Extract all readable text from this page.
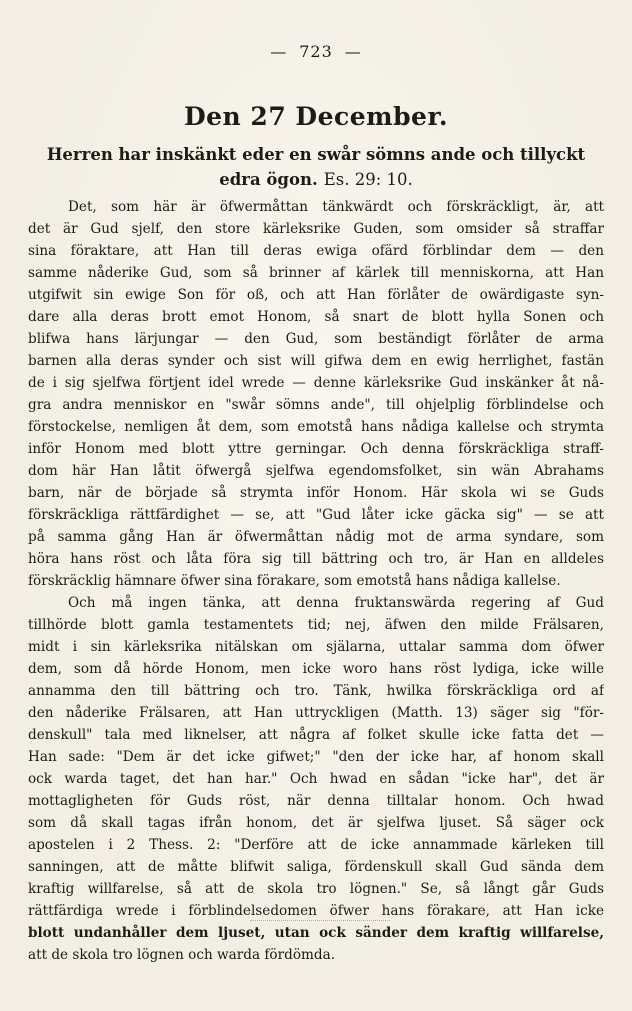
— 723 —
Den 27 December.
Herren har inskänkt eder en swår sömns ande och tillyckt edra ögon. Es. 29: 10.
Det, som här är öfwermåttan tänkwärdt och förskräckligt, är, att
det är Gud sjelf, den store kärleksrike Guden, som omsider så straffar
sina föraktare, att Han till deras ewiga ofärd förblindar dem — den
samme nåderike Gud, som så brinner af kärlek till menniskorna, att Han
utgifwit sin ewige Son för oß, och att Han förlåter de owärdigaste syn-
dare alla deras brott emot Honom, så snart de blott hylla Sonen och
blifwa hans lärjungar — den Gud, som beständigt förlåter de arma
barnen alla deras synder och sist will gifwa dem en ewig herrlighet, fastän
de i sig sjelfwa förtjent idel wrede — denne kärleksrike Gud inskänker åt nå-
gra andra menniskor en "swår sömns ande", till ohjelplig förblindelse och
förstockelse, nemligen åt dem, som emotstå hans nådiga kallelse och strymta
inför Honom med blott yttre gerningar. Och denna förskräckliga straff-
dom här Han låtit öfwergå sjelfwa egendomsfolket, sin wän Abrahams
barn, när de började så strymta inför Honom. Här skola wi se Guds
förskräckliga rättfärdighet — se, att "Gud låter icke gäcka sig" — se att
på samma gång Han är öfwermåttan nådig mot de arma syndare, som
höra hans röst och låta föra sig till bättring och tro, är Han en alldeles
förskräcklig hämnare öfwer sina förakare, som emotstå hans nådiga kallelse.
Och må ingen tänka, att denna fruktanswärda regering af Gud
tillhörde blott gamla testamentets tid; nej, äfwen den milde Frälsaren,
midt i sin kärleksrika nitälskan om själarna, uttalar samma dom öfwer
dem, som då hörde Honom, men icke woro hans röst lydiga, icke wille
annamma den till bättring och tro. Tänk, hwilka förskräckliga ord af
den nåderike Frälsaren, att Han uttryckligen (Matth. 13) säger sig "för-
denskull" tala med liknelser, att några af folket skulle icke fatta det —
Han sade: "Dem är det icke gifwet;" "den der icke har, af honom skall
ock warda taget, det han har." Och hwad en sådan "icke har", det är
mottagligheten för Guds röst, när denna tilltalar honom. Och hwad
som då skall tagas ifrån honom, det är sjelfwa ljuset. Så säger ock
apostelen i 2 Thess. 2: "Derföre att de icke annammade kärleken till
sanningen, att de måtte blifwit saliga, fördenskull skall Gud sända dem
kraftig willfarelse, så att de skola tro lögnen." Se, så långt går Guds
rättfärdiga wrede i förblindelsedomen öfwer hans förakare, att Han icke
blott undanhåller dem ljuset, utan ock sänder dem kraftig willfarelse,
att de skola tro lögnen och warda fördömda.
